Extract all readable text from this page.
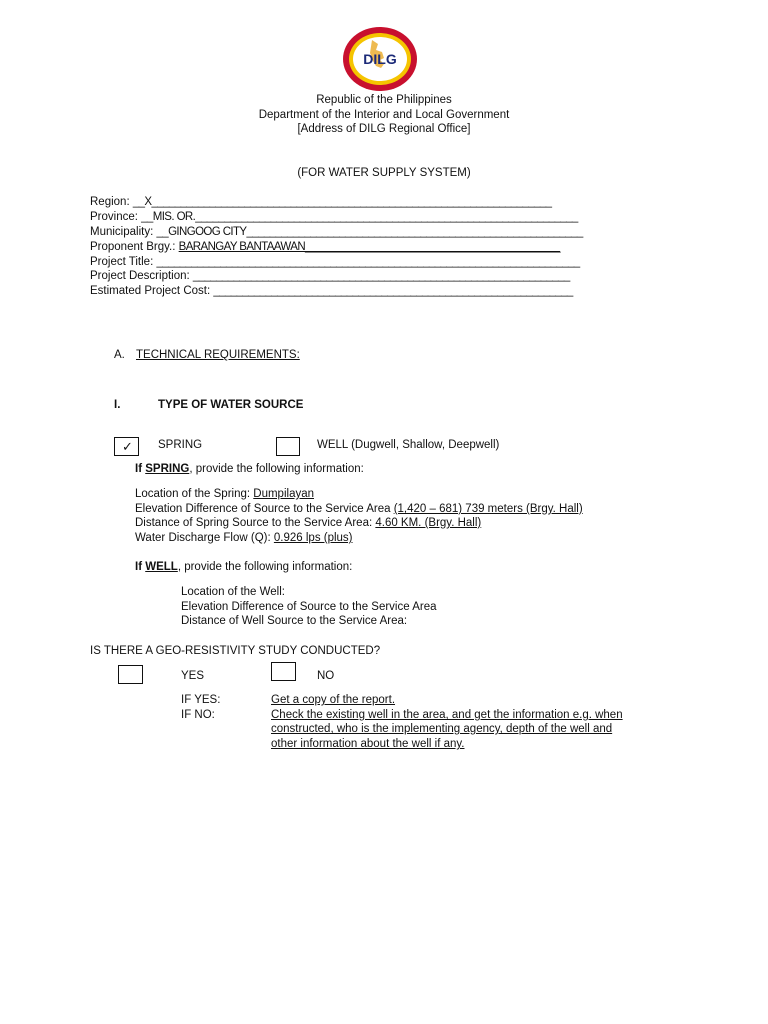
DILG
Republic of the Philippines
Department of the Interior and Local Government
[Address of DILG Regional Office]
(FOR WATER SUPPLY SYSTEM)
Region: __X_____________________________________________________________________
Province: __MIS. OR.__________________________________________________________________
Municipality: __GINGOOG CITY__________________________________________________________
Proponent Brgy.: BARANGAY BANTAAWAN____________________________________________
Project Title: _________________________________________________________________________
Project Description: _________________________________________________________________
Estimated Project Cost: ______________________________________________________________
A. TECHNICAL REQUIREMENTS:
I.	TYPE OF WATER SOURCE
✓ SPRING	WELL (Dugwell, Shallow, Deepwell)
If SPRING, provide the following information:
Location of the Spring: Dumpilayan
Elevation Difference of Source to the Service Area (1,420 – 681) 739 meters (Brgy. Hall)
Distance of Spring Source to the Service Area: 4.60 KM. (Brgy. Hall)
Water Discharge Flow (Q): 0.926 lps (plus)
If WELL, provide the following information:
Location of the Well:
Elevation Difference of Source to the Service Area
Distance of Well Source to the Service Area:
IS THERE A GEO-RESISTIVITY STUDY CONDUCTED?
YES	NO
IF YES:	Get a copy of the report.
IF NO:	Check the existing well in the area, and get the information e.g. when
constructed, who is the implementing agency, depth of the well and
other information about the well if any.
